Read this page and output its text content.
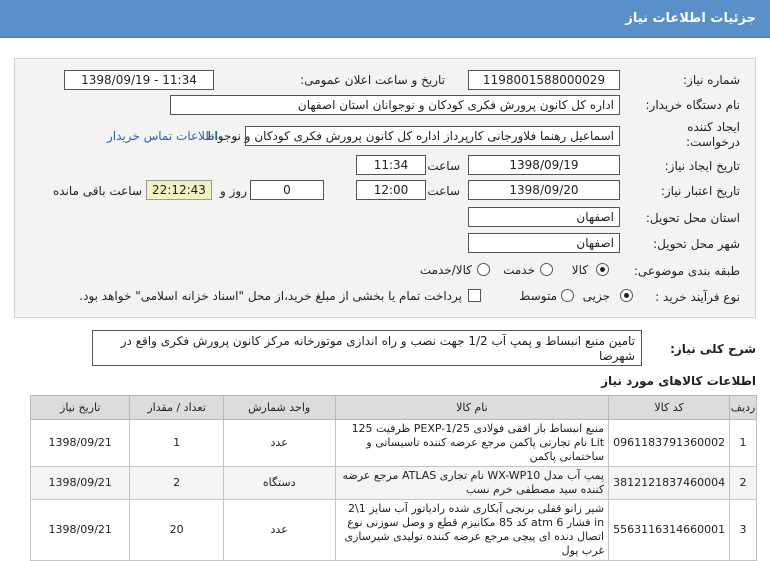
جزئیات اطلاعات نیاز
شماره نیاز:
1198001588000029
تاریخ و ساعت اعلان عمومی:
1398/09/19 - 11:34
نام دستگاه خریدار:
اداره کل کانون پرورش فکری کودکان و نوجوانان استان اصفهان
ایجاد کننده
درخواست:
اسماعیل رهنما فلاورجانی کارپرداز اداره کل کانون پرورش فکری کودکان و نوجوانا
اطلاعات تماس خریدار
تاریخ ایجاد نیاز:
1398/09/19
ساعت
11:34
تاریخ اعتبار نیاز:
1398/09/20
ساعت
12:00
0
روز و
22:12:43
ساعت باقی مانده
استان محل تحویل:
اصفهان
شهر محل تحویل:
اصفهان
طبقه بندی موضوعی:
کالا
خدمت
کالا/خدمت
نوع فرآیند خرید :
جزیی
متوسط
پرداخت تمام یا بخشی از مبلغ خرید،از محل "اسناد خزانه اسلامی" خواهد بود.
شرح کلی نیاز:
تامین منبع انبساط و پمپ آب 1/2 جهت نصب و راه اندازی موتورخانه مرکز کانون پرورش فکری واقع در شهرضا
اطلاعات کالاهای مورد نیاز
ردیف	کد کالا	نام کالا	واحد شمارش	تعداد / مقدار	تاریخ نیاز
1	0961183791360002	منبع انبساط باز افقی فولادی PEXP-1/25 ظرفیت 125 Lit نام تجارتی پاکمن مرجع عرضه کننده تاسیساتی و ساختمانی پاکمن	عدد	1	1398/09/21
2	3812121837460004	پمپ آب مدل WX-WP10 نام تجاری ATLAS مرجع عرضه کننده سید مصطفی خرم نسب	دستگاه	2	1398/09/21
3	5563116314660001	شیر زانو قفلی برنجی آبکاری شده رادیاتور آب سایز 1\2 in فشار 6 atm کد 85 مکانیزم قطع و وصل سوزنی نوع اتصال دنده ای پیچی مرجع عرضه کننده تولیدی شیرسازی غرب پول	عدد	20	1398/09/21
